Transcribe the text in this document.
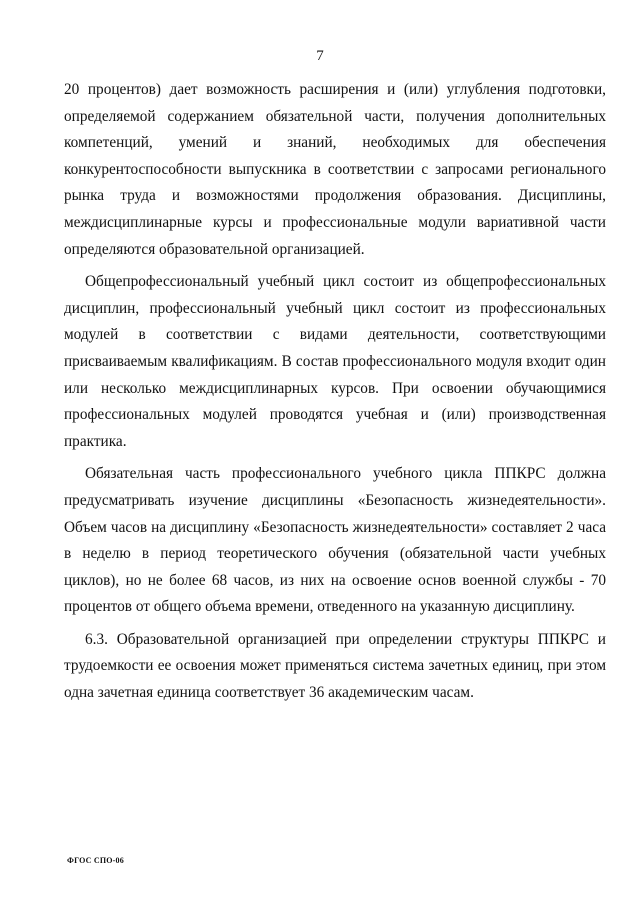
7

20 процентов) дает возможность расширения и (или) углубления подготовки, определяемой содержанием обязательной части, получения дополнительных компетенций, умений и знаний, необходимых для обеспечения конкурентоспособности выпускника в соответствии с запросами регионального рынка труда и возможностями продолжения образования. Дисциплины, междисциплинарные курсы и профессиональные модули вариативной части определяются образовательной организацией.

Общепрофессиональный учебный цикл состоит из общепрофессиональных дисциплин, профессиональный учебный цикл состоит из профессиональных модулей в соответствии с видами деятельности, соответствующими присваиваемым квалификациям. В состав профессионального модуля входит один или несколько междисциплинарных курсов. При освоении обучающимися профессиональных модулей проводятся учебная и (или) производственная практика.

Обязательная часть профессионального учебного цикла ППКРС должна предусматривать изучение дисциплины «Безопасность жизнедеятельности». Объем часов на дисциплину «Безопасность жизнедеятельности» составляет 2 часа в неделю в период теоретического обучения (обязательной части учебных циклов), но не более 68 часов, из них на освоение основ военной службы - 70 процентов от общего объема времени, отведенного на указанную дисциплину.

6.3. Образовательной организацией при определении структуры ППКРС и трудоемкости ее освоения может применяться система зачетных единиц, при этом одна зачетная единица соответствует 36 академическим часам.

ФГОС СПО-06
